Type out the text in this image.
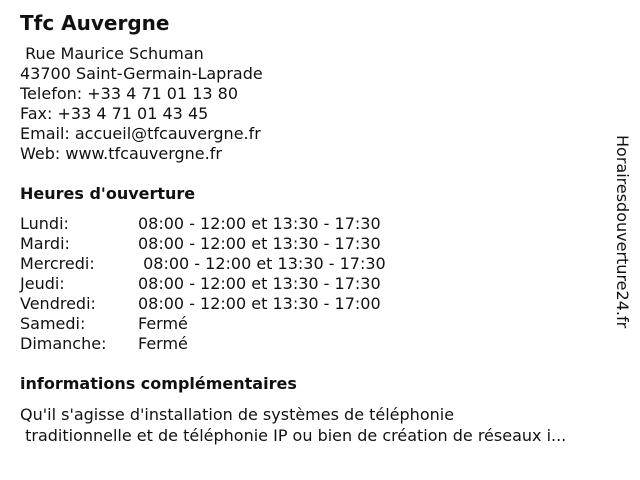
Tfc Auvergne
Rue Maurice Schuman
43700 Saint-Germain-Laprade
Telefon: +33 4 71 01 13 80
Fax: +33 4 71 01 43 45
Email: accueil@tfcauvergne.fr
Web: www.tfcauvergne.fr
Heures d'ouverture
Lundi:	08:00 - 12:00 et 13:30 - 17:30
Mardi:	08:00 - 12:00 et 13:30 - 17:30
Mercredi:	08:00 - 12:00 et 13:30 - 17:30
Jeudi:	08:00 - 12:00 et 13:30 - 17:30
Vendredi:	08:00 - 12:00 et 13:30 - 17:00
Samedi:	Fermé
Dimanche:	Fermé
informations complémentaires
Qu'il s'agisse d'installation de systèmes de téléphonie
traditionnelle et de téléphonie IP ou bien de création de réseaux i...
Horairesdouverture24.fr
